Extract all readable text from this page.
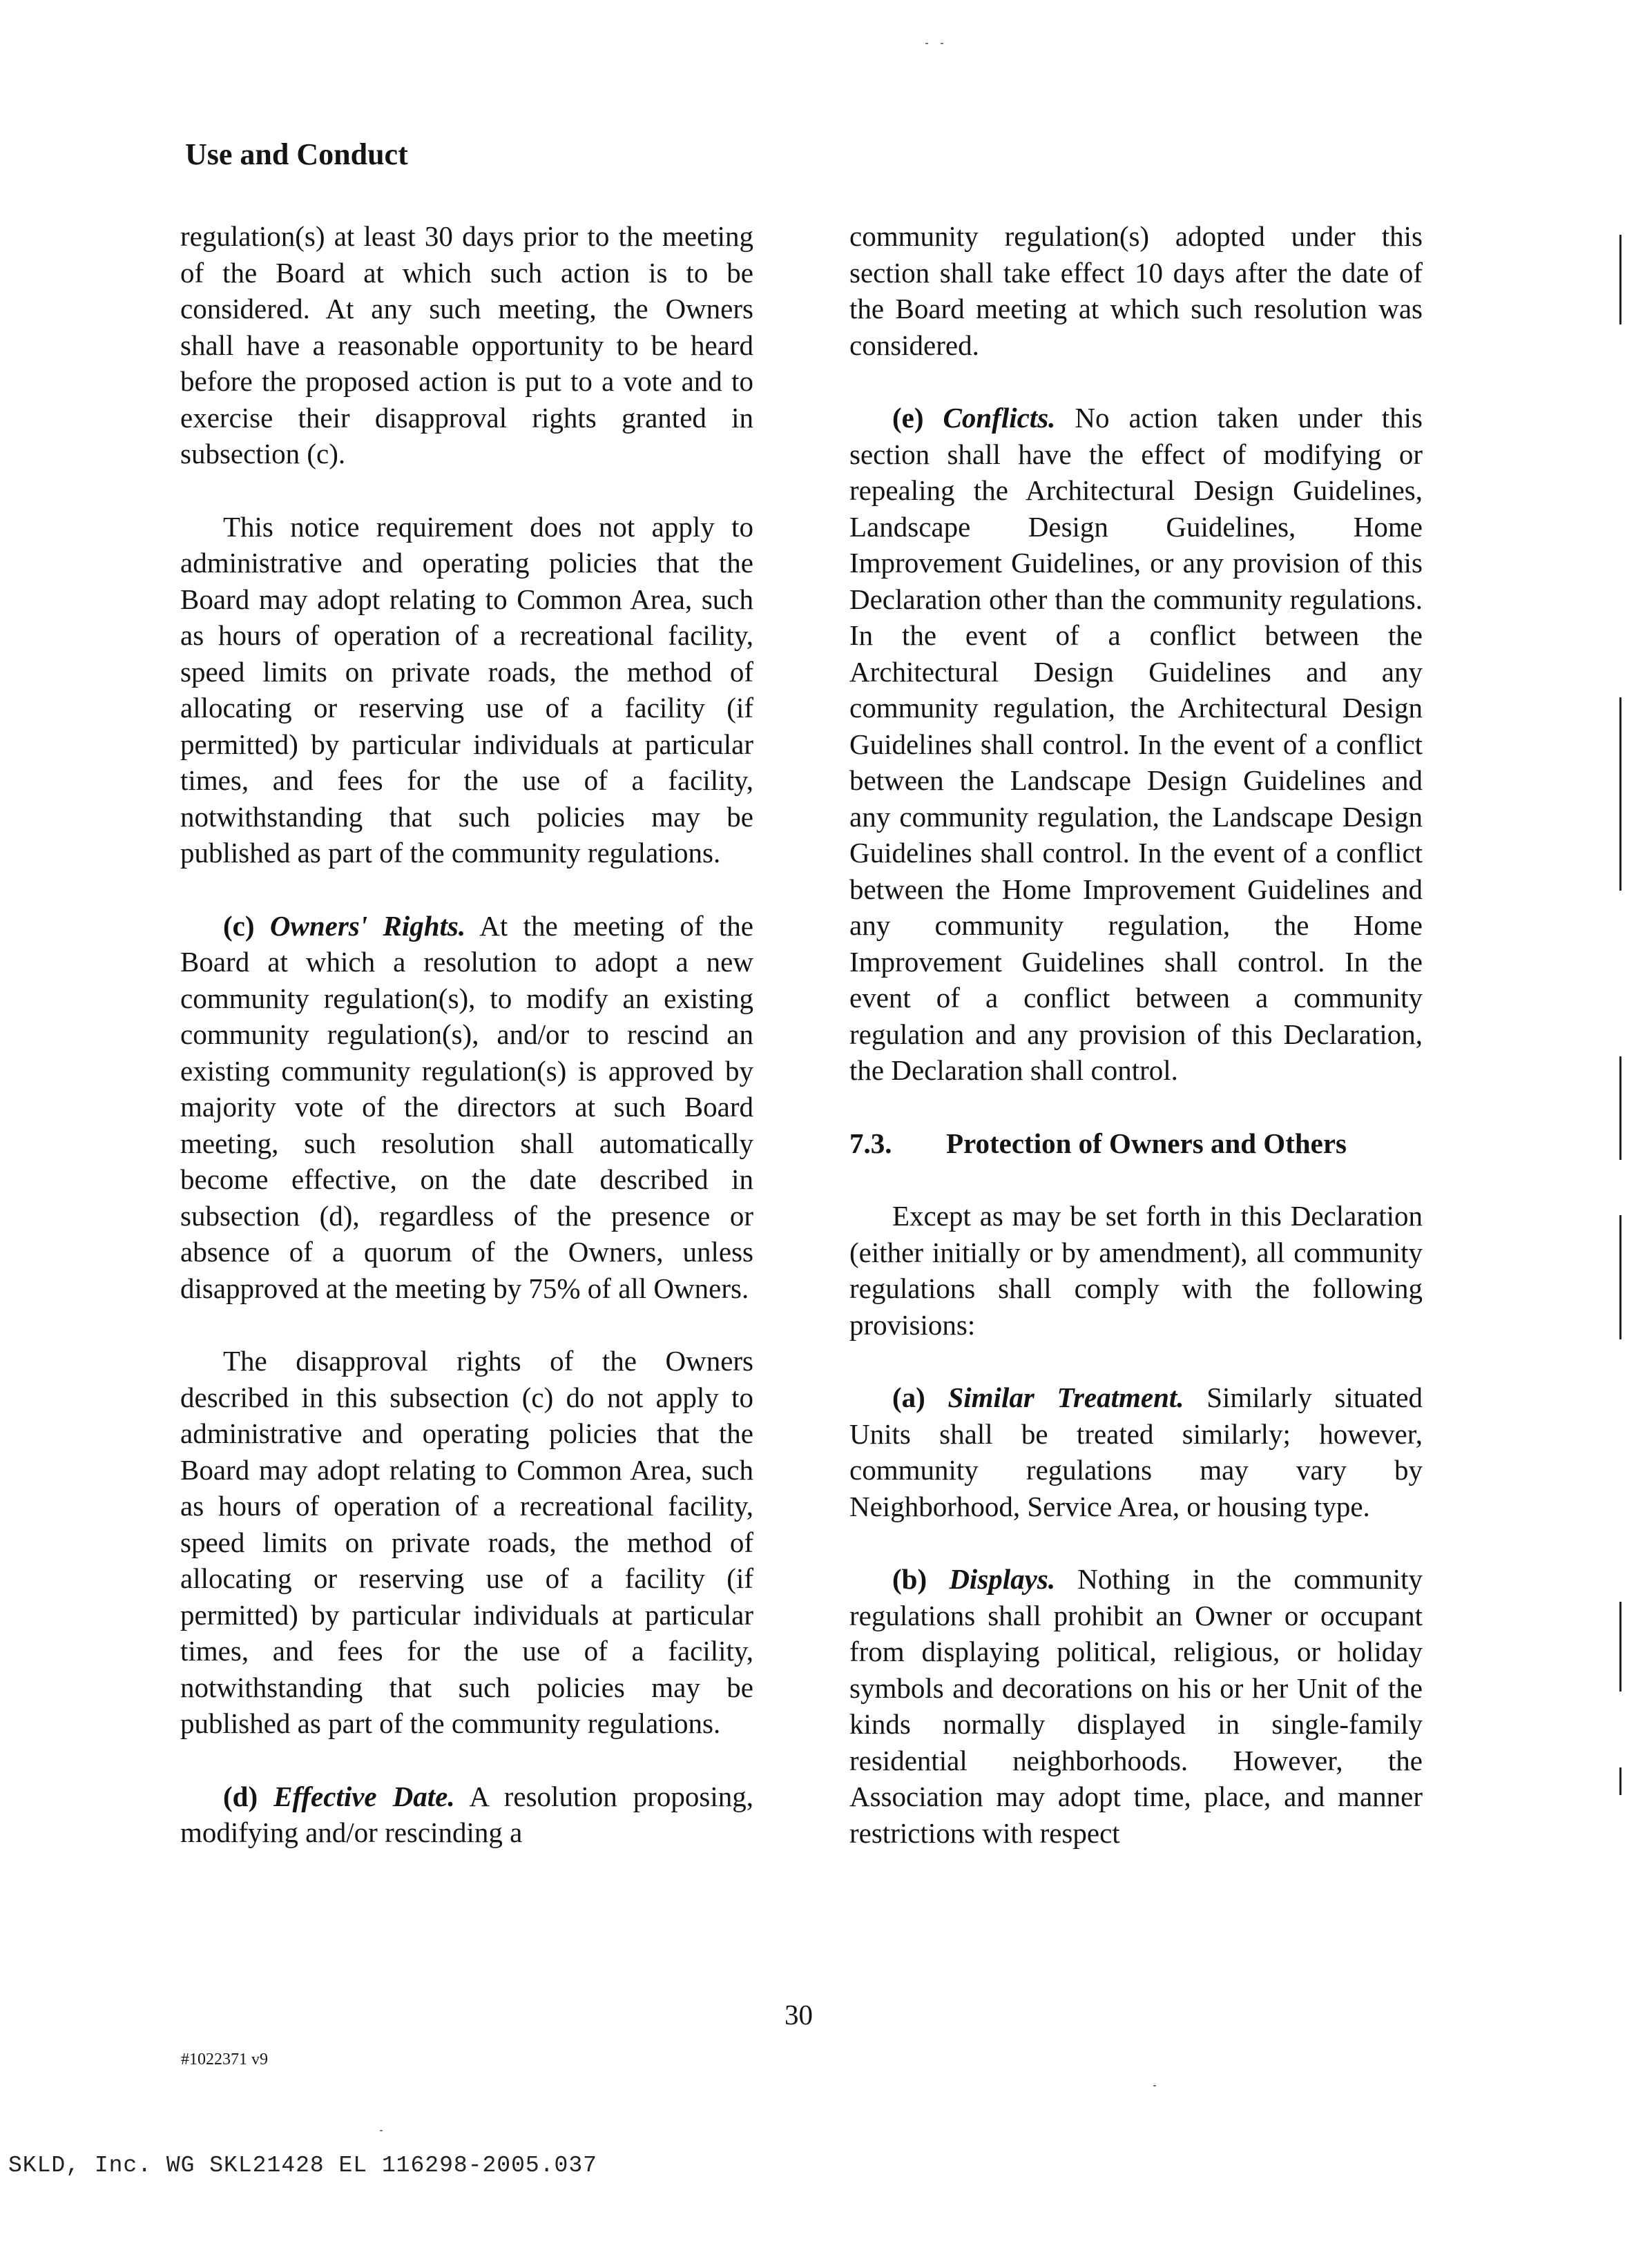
Use and Conduct

regulation(s) at least 30 days prior to the meeting of the Board at which such action is to be considered. At any such meeting, the Owners shall have a reasonable opportunity to be heard before the proposed action is put to a vote and to exercise their disapproval rights granted in subsection (c).

This notice requirement does not apply to administrative and operating policies that the Board may adopt relating to Common Area, such as hours of operation of a recreational facility, speed limits on private roads, the method of allocating or reserving use of a facility (if permitted) by particular individuals at particular times, and fees for the use of a facility, notwithstanding that such policies may be published as part of the community regulations.

(c) Owners' Rights. At the meeting of the Board at which a resolution to adopt a new community regulation(s), to modify an existing community regulation(s), and/or to rescind an existing community regulation(s) is approved by majority vote of the directors at such Board meeting, such resolution shall automatically become effective, on the date described in subsection (d), regardless of the presence or absence of a quorum of the Owners, unless disapproved at the meeting by 75% of all Owners.

The disapproval rights of the Owners described in this subsection (c) do not apply to administrative and operating policies that the Board may adopt relating to Common Area, such as hours of operation of a recreational facility, speed limits on private roads, the method of allocating or reserving use of a facility (if permitted) by particular individuals at particular times, and fees for the use of a facility, notwithstanding that such policies may be published as part of the community regulations.

(d) Effective Date. A resolution proposing, modifying and/or rescinding a

community regulation(s) adopted under this section shall take effect 10 days after the date of the Board meeting at which such resolution was considered.

(e) Conflicts. No action taken under this section shall have the effect of modifying or repealing the Architectural Design Guidelines, Landscape Design Guidelines, Home Improvement Guidelines, or any provision of this Declaration other than the community regulations. In the event of a conflict between the Architectural Design Guidelines and any community regulation, the Architectural Design Guidelines shall control. In the event of a conflict between the Landscape Design Guidelines and any community regulation, the Landscape Design Guidelines shall control. In the event of a conflict between the Home Improvement Guidelines and any community regulation, the Home Improvement Guidelines shall control. In the event of a conflict between a community regulation and any provision of this Declaration, the Declaration shall control.

7.3.	Protection of Owners and Others

Except as may be set forth in this Declaration (either initially or by amendment), all community regulations shall comply with the following provisions:

(a) Similar Treatment. Similarly situated Units shall be treated similarly; however, community regulations may vary by Neighborhood, Service Area, or housing type.

(b) Displays. Nothing in the community regulations shall prohibit an Owner or occupant from displaying political, religious, or holiday symbols and decorations on his or her Unit of the kinds normally displayed in single-family residential neighborhoods. However, the Association may adopt time, place, and manner restrictions with respect

30
#1022371 v9
SKLD, Inc. WG SKL21428 EL 116298-2005.037
